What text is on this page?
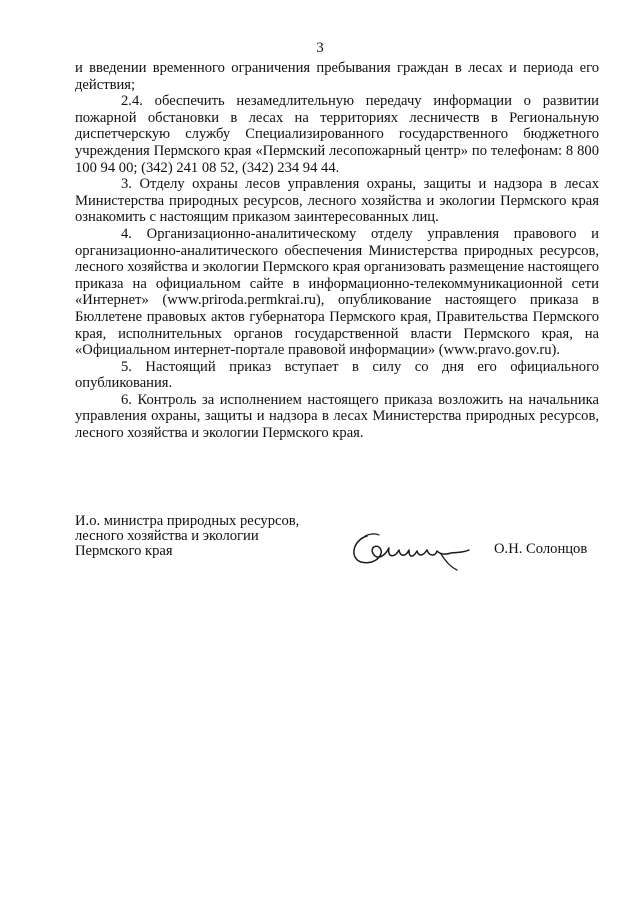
3

и введении временного ограничения пребывания граждан в лесах и периода его действия;

2.4. обеспечить незамедлительную передачу информации о развитии пожарной обстановки в лесах на территориях лесничеств в Региональную диспетчерскую службу Специализированного государственного бюджетного учреждения Пермского края «Пермский лесопожарный центр» по телефонам: 8 800 100 94 00; (342) 241 08 52, (342) 234 94 44.

3. Отделу охраны лесов управления охраны, защиты и надзора в лесах Министерства природных ресурсов, лесного хозяйства и экологии Пермского края ознакомить с настоящим приказом заинтересованных лиц.

4. Организационно-аналитическому отделу управления правового и организационно-аналитического обеспечения Министерства природных ресурсов, лесного хозяйства и экологии Пермского края организовать размещение настоящего приказа на официальном сайте в информационно-телекоммуникационной сети «Интернет» (www.priroda.permkrai.ru), опубликование настоящего приказа в Бюллетене правовых актов губернатора Пермского края, Правительства Пермского края, исполнительных органов государственной власти Пермского края, на «Официальном интернет-портале правовой информации» (www.pravo.gov.ru).

5. Настоящий приказ вступает в силу со дня его официального опубликования.

6. Контроль за исполнением настоящего приказа возложить на начальника управления охраны, защиты и надзора в лесах Министерства природных ресурсов, лесного хозяйства и экологии Пермского края.

И.о. министра природных ресурсов,
лесного хозяйства и экологии
Пермского края	О.Н. Солонцов
